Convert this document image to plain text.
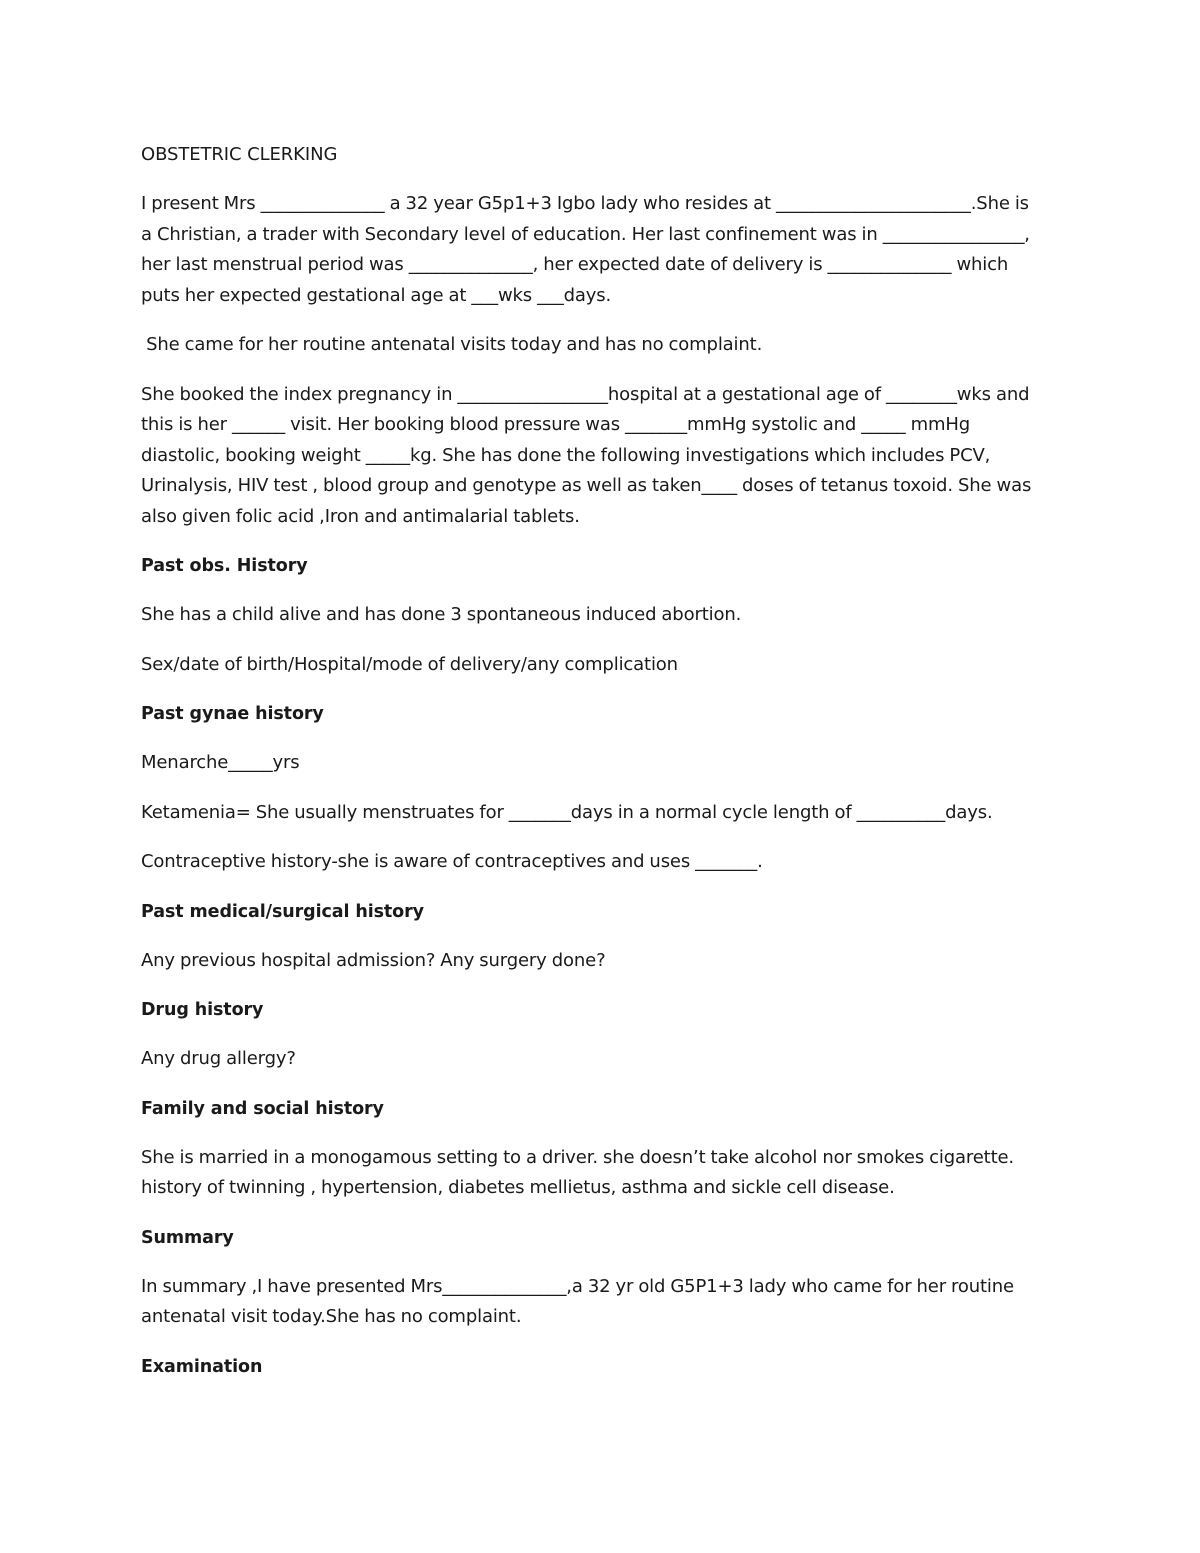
OBSTETRIC CLERKING
I present Mrs ______________ a 32 year G5p1+3 Igbo lady who resides at ______________________.She is
a Christian, a trader with Secondary level of education. Her last confinement was in ________________,
her last menstrual period was ______________, her expected date of delivery is ______________ which
puts her expected gestational age at ___wks ___days.
She came for her routine antenatal visits today and has no complaint.
She booked the index pregnancy in _________________hospital at a gestational age of ________wks and
this is her ______ visit. Her booking blood pressure was _______mmHg systolic and _____ mmHg
diastolic, booking weight _____kg. She has done the following investigations which includes PCV,
Urinalysis, HIV test , blood group and genotype as well as taken____ doses of tetanus toxoid. She was
also given folic acid ,Iron and antimalarial tablets.
Past obs. History
She has a child alive and has done 3 spontaneous induced abortion.
Sex/date of birth/Hospital/mode of delivery/any complication
Past gynae history
Menarche_____yrs
Ketamenia= She usually menstruates for _______days in a normal cycle length of __________days.
Contraceptive history-she is aware of contraceptives and uses _______.
Past medical/surgical history
Any previous hospital admission? Any surgery done?
Drug history
Any drug allergy?
Family and social history
She is married in a monogamous setting to a driver. she doesn’t take alcohol nor smokes cigarette.
history of twinning , hypertension, diabetes mellietus, asthma and sickle cell disease.
Summary
In summary ,I have presented Mrs______________,a 32 yr old G5P1+3 lady who came for her routine
antenatal visit today.She has no complaint.
Examination
